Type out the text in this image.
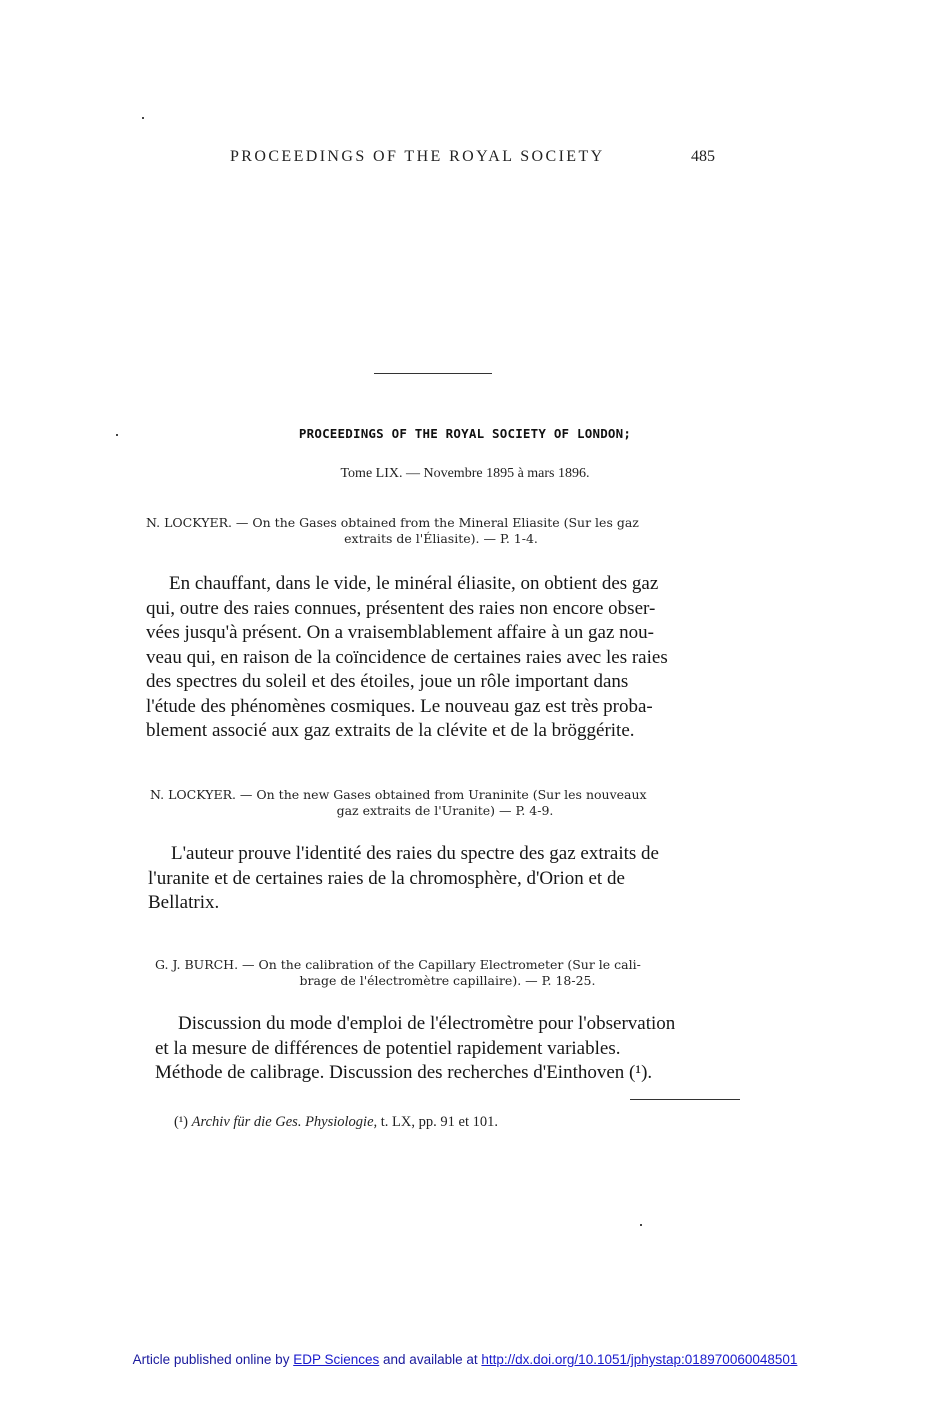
PROCEEDINGS OF THE ROYAL SOCIETY	485
PROCEEDINGS OF THE ROYAL SOCIETY OF LONDON;
Tome LIX. — Novembre 1895 à mars 1896.
N. LOCKYER. — On the Gases obtained from the Mineral Eliasite (Sur les gaz
extraits de l'Éliasite). — P. 1-4.
En chauffant, dans le vide, le minéral éliasite, on obtient des gaz
qui, outre des raies connues, présentent des raies non encore obser-
vées jusqu'à présent. On a vraisemblablement affaire à un gaz nou-
veau qui, en raison de la coïncidence de certaines raies avec les raies
des spectres du soleil et des étoiles, joue un rôle important dans
l'étude des phénomènes cosmiques. Le nouveau gaz est très proba-
blement associé aux gaz extraits de la clévite et de la bröggérite.
N. LOCKYER. — On the new Gases obtained from Uraninite (Sur les nouveaux
gaz extraits de l'Uranite) — P. 4-9.
L'auteur prouve l'identité des raies du spectre des gaz extraits de
l'uranite et de certaines raies de la chromosphère, d'Orion et de
Bellatrix.
G. J. BURCH. — On the calibration of the Capillary Electrometer (Sur le cali-
brage de l'électromètre capillaire). — P. 18-25.
Discussion du mode d'emploi de l'électromètre pour l'observation
et la mesure de différences de potentiel rapidement variables.
Méthode de calibrage. Discussion des recherches d'Einthoven (¹).
(¹) Archiv für die Ges. Physiologie, t. LX, pp. 91 et 101.
Article published online by EDP Sciences and available at http://dx.doi.org/10.1051/jphystap:018970060048501
